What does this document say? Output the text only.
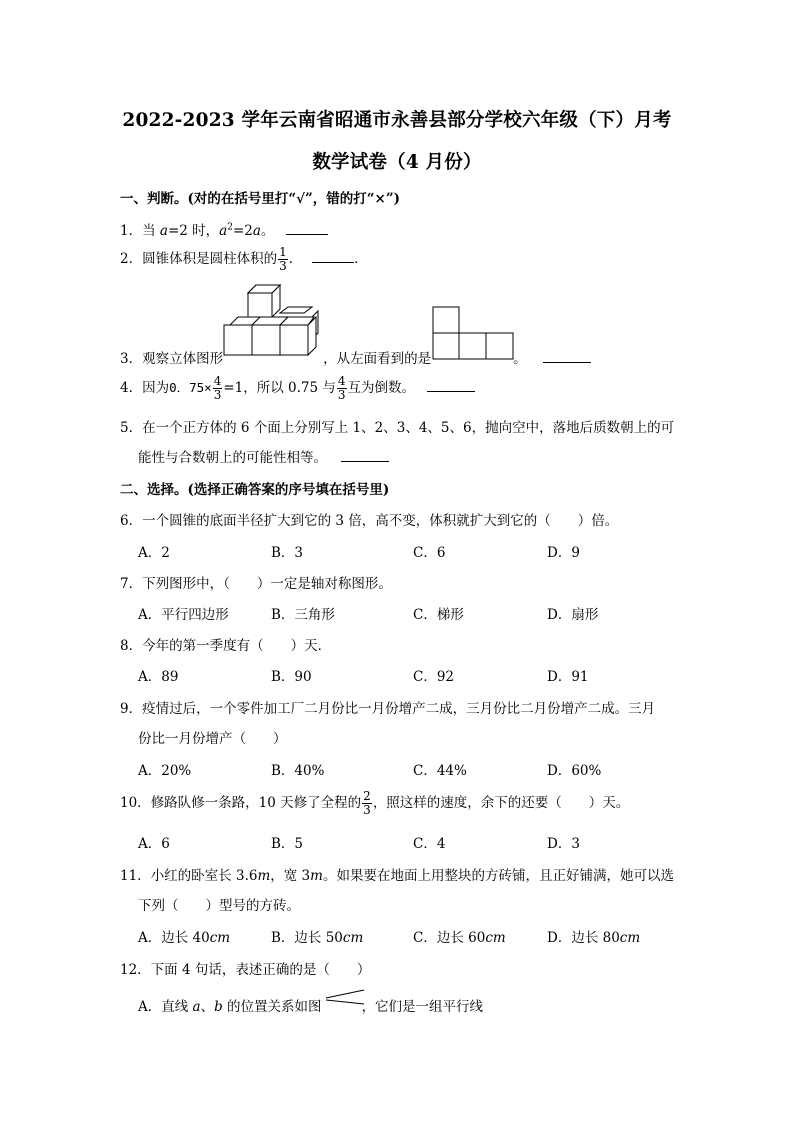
2022-2023 学年云南省昭通市永善县部分学校六年级（下）月考
数学试卷（4 月份）
一、判断。(对的在括号里打“√”，错的打“×”)
1．当 a=2 时，$a^2=2a$。
2．圆锥体积是圆柱体积的 $\frac{1}{3}$ ．	．
3．观察立体图形	，从左面看到的是	。
4．因为0．$75\times \frac{4}{3} =1$，所以 0.75 与 $\frac{4}{3}$ 互为倒数。
5．在一个正方体的 6 个面上分别写上 1、2、3、4、5、6，抛向空中，落地后质数朝上的可
能性与合数朝上的可能性相等。
二、选择。(选择正确答案的序号填在括号里)
6．一个圆锥的底面半径扩大到它的 3 倍，高不变，体积就扩大到它的（　　）倍。
A．2	B．3	C．6	D．9
7．下列图形中，（　　）一定是轴对称图形。
A．平行四边形	B．三角形	C．梯形	D．扇形
8．今年的第一季度有（　　）天．
A．89	B．90	C．92	D．91
9．疫情过后，一个零件加工厂二月份比一月份增产二成，三月份比二月份增产二成。三月
份比一月份增产（　　）
A．20%	B．40%	C．44%	D．60%
10．修路队修一条路，10 天修了全程的 $\frac{2}{3}$ ，照这样的速度，余下的还要（　　）天。
A．6	B．5	C．4	D．3
11．小红的卧室长 3.6m，宽 3m。如果要在地面上用整块的方砖铺，且正好铺满，她可以选
下列（　　）型号的方砖。
A．边长 40cm	B．边长 50cm	C．边长 60cm	D．边长 80cm
12．下面 4 句话，表述正确的是（　　）
A．直线 a、b 的位置关系如图	，它们是一组平行线
